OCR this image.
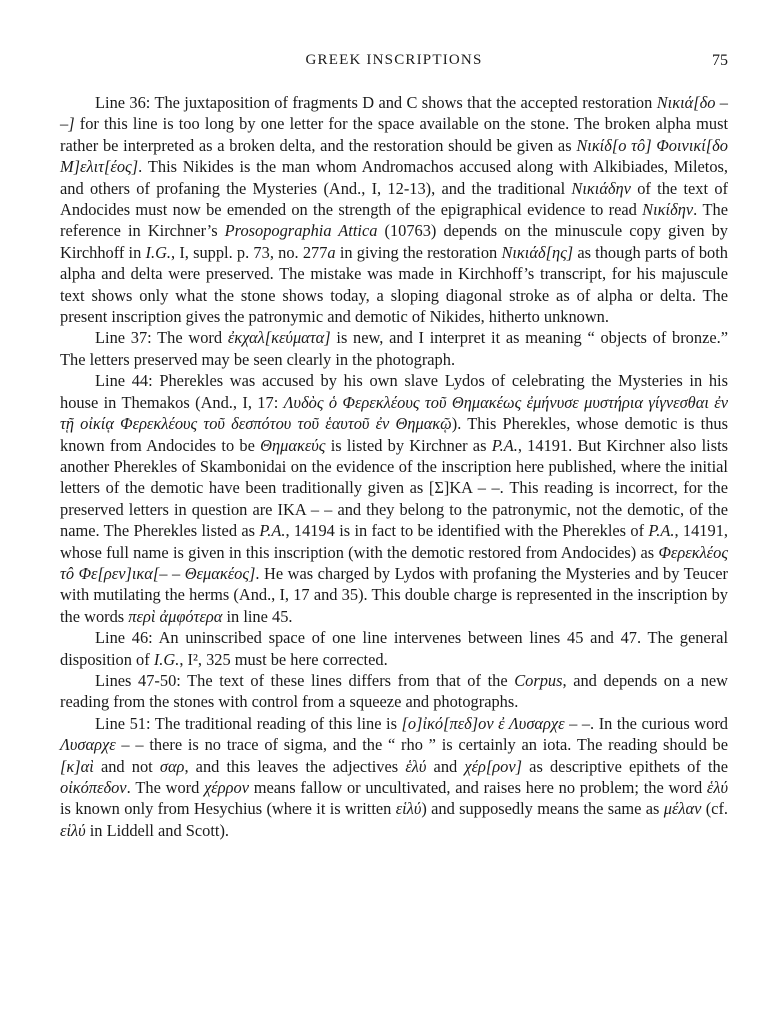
GREEK INSCRIPTIONS	75

Line 36: The juxtaposition of fragments D and C shows that the accepted restoration Νικιά[δο – –] for this line is too long by one letter for the space available on the stone. The broken alpha must rather be interpreted as a broken delta, and the restoration should be given as Νικίδ[ο τô] Φοινικί[δο Μ]ελιτ[έος]. This Nikides is the man whom Andromachos accused along with Alkibiades, Miletos, and others of profaning the Mysteries (And., I, 12-13), and the traditional Νικιάδην of the text of Andocides must now be emended on the strength of the epigraphical evidence to read Νικίδην. The reference in Kirchner’s Prosopographia Attica (10763) depends on the minuscule copy given by Kirchhoff in I.G., I, suppl. p. 73, no. 277a in giving the restoration Νικιάδ[ης] as though parts of both alpha and delta were preserved. The mistake was made in Kirchhoff’s transcript, for his majuscule text shows only what the stone shows today, a sloping diagonal stroke as of alpha or delta. The present inscription gives the patronymic and demotic of Nikides, hitherto unknown.

Line 37: The word ἐκχαλ[κεύματα] is new, and I interpret it as meaning “ objects of bronze.” The letters preserved may be seen clearly in the photograph.

Line 44: Pherekles was accused by his own slave Lydos of celebrating the Mysteries in his house in Themakos (And., I, 17: Λυδὸς ὁ Φερεκλέους τοῦ Θημακέως ἐμήνυσε μυστήρια γίγνεσθαι ἐν τῇ οἰκίᾳ Φερεκλέους τοῦ δεσπότου τοῦ ἑαυτοῦ ἐν Θημακῷ). This Pherekles, whose demotic is thus known from Andocides to be Θημακεύς is listed by Kirchner as P.A., 14191. But Kirchner also lists another Pherekles of Skambonidai on the evidence of the inscription here published, where the initial letters of the demotic have been traditionally given as [Σ]ΚΑ – –. This reading is incorrect, for the preserved letters in question are ΙΚΑ – – and they belong to the patronymic, not the demotic, of the name. The Pherekles listed as P.A., 14194 is in fact to be identified with the Pherekles of P.A., 14191, whose full name is given in this inscription (with the demotic restored from Andocides) as Φερεκλέος τô Φε[ρεν]ικα[– – Θεμακέος]. He was charged by Lydos with profaning the Mysteries and by Teucer with mutilating the herms (And., I, 17 and 35). This double charge is represented in the inscription by the words περὶ ἀμφότερα in line 45.

Line 46: An uninscribed space of one line intervenes between lines 45 and 47. The general disposition of I.G., I², 325 must be here corrected.

Lines 47-50: The text of these lines differs from that of the Corpus, and depends on a new reading from the stones with control from a squeeze and photographs.

Line 51: The traditional reading of this line is [ο]ἰκό[πεδ]ον ἐ Λυσαρχε – –. In the curious word Λυσαρχε – – there is no trace of sigma, and the “ rho ” is certainly an iota. The reading should be [κ]αὶ and not σαρ, and this leaves the adjectives ἑλύ and χέρ[ρον] as descriptive epithets of the οἰκόπεδον. The word χέρρον means fallow or uncultivated, and raises here no problem; the word ἑλύ is known only from Hesychius (where it is written εἱλύ) and supposedly means the same as μέλαν (cf. εἱλύ in Liddell and Scott).
